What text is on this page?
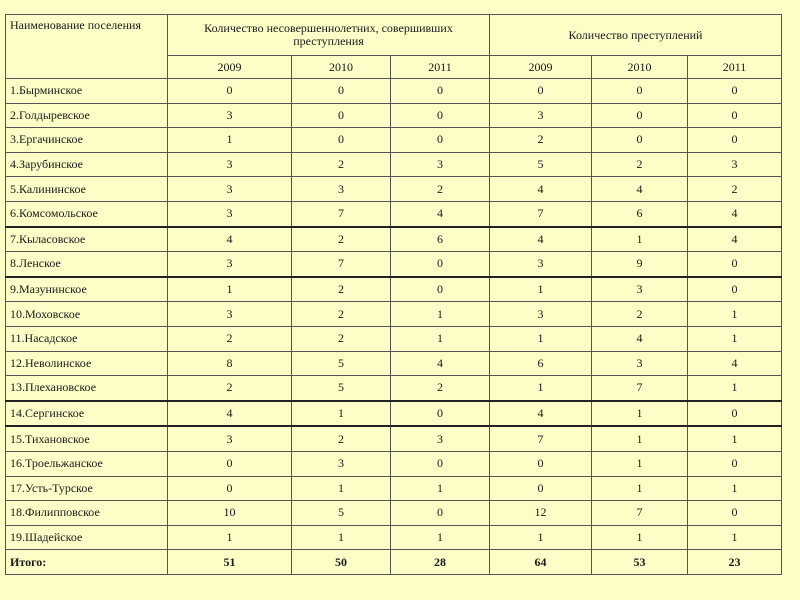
Наименование поселения	Количество несовершеннолетних, совершивших преступления			Количество преступлений		
	2009	2010	2011	2009	2010	2011
1.Бырминское	0	0	0	0	0	0
2.Голдыревское	3	0	0	3	0	0
3.Ергачинское	1	0	0	2	0	0
4.Зарубинское	3	2	3	5	2	3
5.Калининское	3	3	2	4	4	2
6.Комсомольское	3	7	4	7	6	4
7.Кыласовское	4	2	6	4	1	4
8.Ленское	3	7	0	3	9	0
9.Мазунинское	1	2	0	1	3	0
10.Моховское	3	2	1	3	2	1
11.Насадское	2	2	1	1	4	1
12.Неволинское	8	5	4	6	3	4
13.Плехановское	2	5	2	1	7	1
14.Сергинское	4	1	0	4	1	0
15.Тихановское	3	2	3	7	1	1
16.Троельжанское	0	3	0	0	1	0
17.Усть-Турское	0	1	1	0	1	1
18.Филипповское	10	5	0	12	7	0
19.Шадейское	1	1	1	1	1	1
Итого:	51	50	28	64	53	23
